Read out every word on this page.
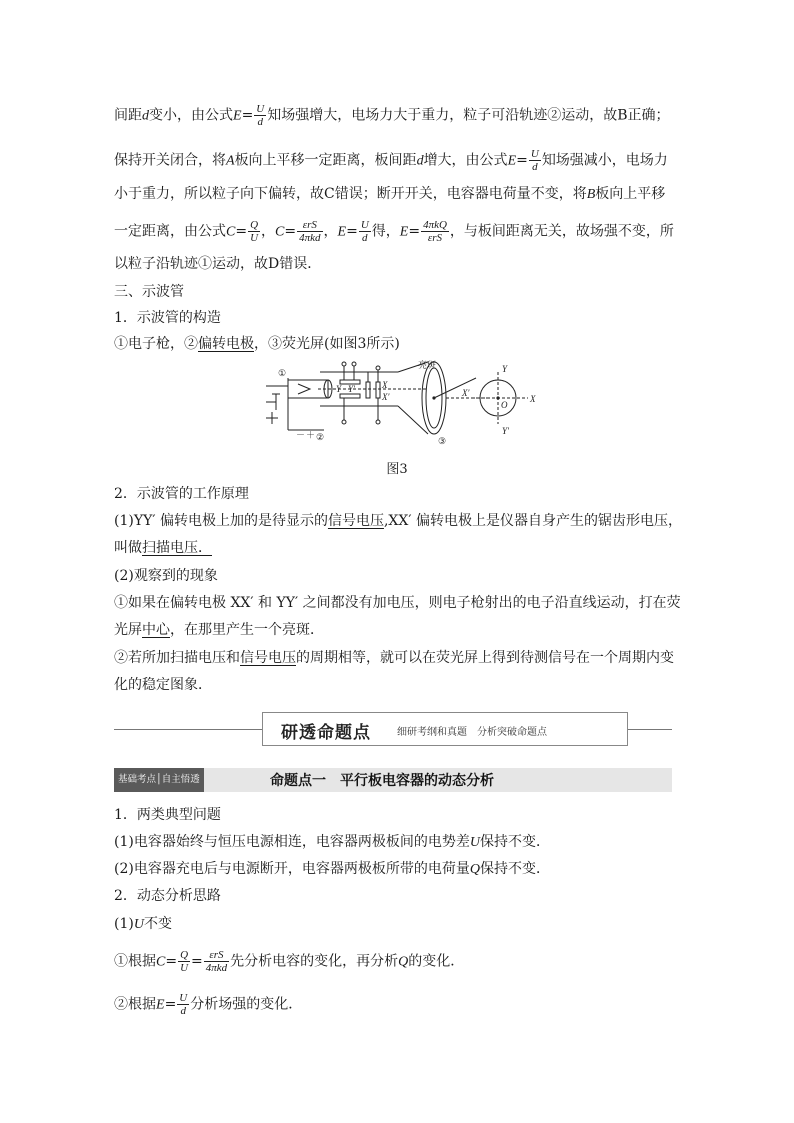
间距d变小，由公式$E= \frac{U}{d}$ 知场强增大，电场力大于重力，粒子可沿轨迹②运动，故B正确；
保持开关闭合，将A板向上平移一定距离，板间距d增大，由公式$E= \frac{U}{d}$ 知场强减小，电场力
小于重力，所以粒子向下偏转，故C错误；断开开关，电容器电荷量不变，将B板向上平移
一定距离，由公式$C= \frac{Q}{U}$ ，$C= \frac{\text{εrS}}{\text{4πkd}}$ ，$E= \frac{U}{d}$ 得，$E= \frac{\text{4πkQ}}{\text{εrS}}$ ，与板间距离无关，故场强不变，所
以粒子沿轨迹①运动，故D错误．
三、示波管
1．示波管的构造
①电子枪，②偏转电极，③荧光屏(如图3所示)
①
②	③
亮斑
Y Y′	X
X′	X′
Y
Y′
X
O
－ ＋
图3
2．示波管的工作原理
(1)YY′ 偏转电极上加的是待显示的信号电压,XX′ 偏转电极上是仪器自身产生的锯齿形电压，
叫做扫描电压．
(2)观察到的现象
①如果在偏转电极 XX′ 和 YY′ 之间都没有加电压，则电子枪射出的电子沿直线运动，打在荧
光屏中心，在那里产生一个亮斑．
②若所加扫描电压和信号电压的周期相等，就可以在荧光屏上得到待测信号在一个周期内变
化的稳定图象．
研透命题点	细研考纲和真题　分析突破命题点
基础考点│自主悟透	命题点一　平行板电容器的动态分析
1．两类典型问题
(1)电容器始终与恒压电源相连，电容器两极板间的电势差U保持不变．
(2)电容器充电后与电源断开，电容器两极板所带的电荷量Q保持不变．
2．动态分析思路
(1)U不变
①根据$C= \frac{Q}{U} = \frac{\text{εrS}}{\text{4πkd}}$ 先分析电容的变化，再分析Q的变化．
②根据$E= \frac{U}{d}$ 分析场强的变化．
